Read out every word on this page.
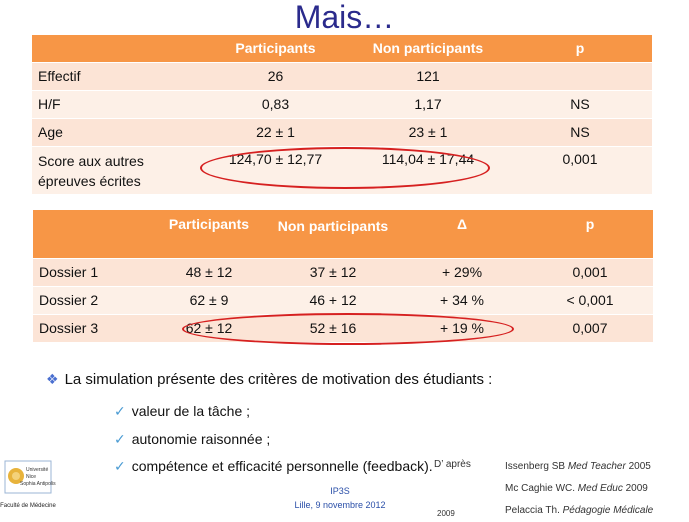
Mais…
	Participants	Non participants	p
Effectif	26	121	
H/F	0,83	1,17	NS
Age	22 ± 1	23 ± 1	NS
Score aux autres épreuves écrites	124,70 ± 12,77	114,04 ± 17,44	0,001
	Participants	Non participants	Δ	p
Dossier 1	48 ± 12	37 ± 12	+ 29%	0,001
Dossier 2	62 ± 9	46 + 12	+ 34 %	< 0,001
Dossier 3	62 ± 12	52 ± 16	+ 19 %	0,007
❖ La simulation présente des critères de motivation des étudiants :
✓ valeur de la tâche ;
✓ autonomie raisonnée ;
✓ compétence et efficacité personnelle (feedback).
Université
Nice
Sophia Antipolis
Faculté de Médecine
IP3S
Lille, 9 novembre 2012
D’ après
2009
Issenberg SB Med Teacher 2005
Mc Caghie WC. Med Educ 2009
Pelaccia Th. Pédagogie Médicale
